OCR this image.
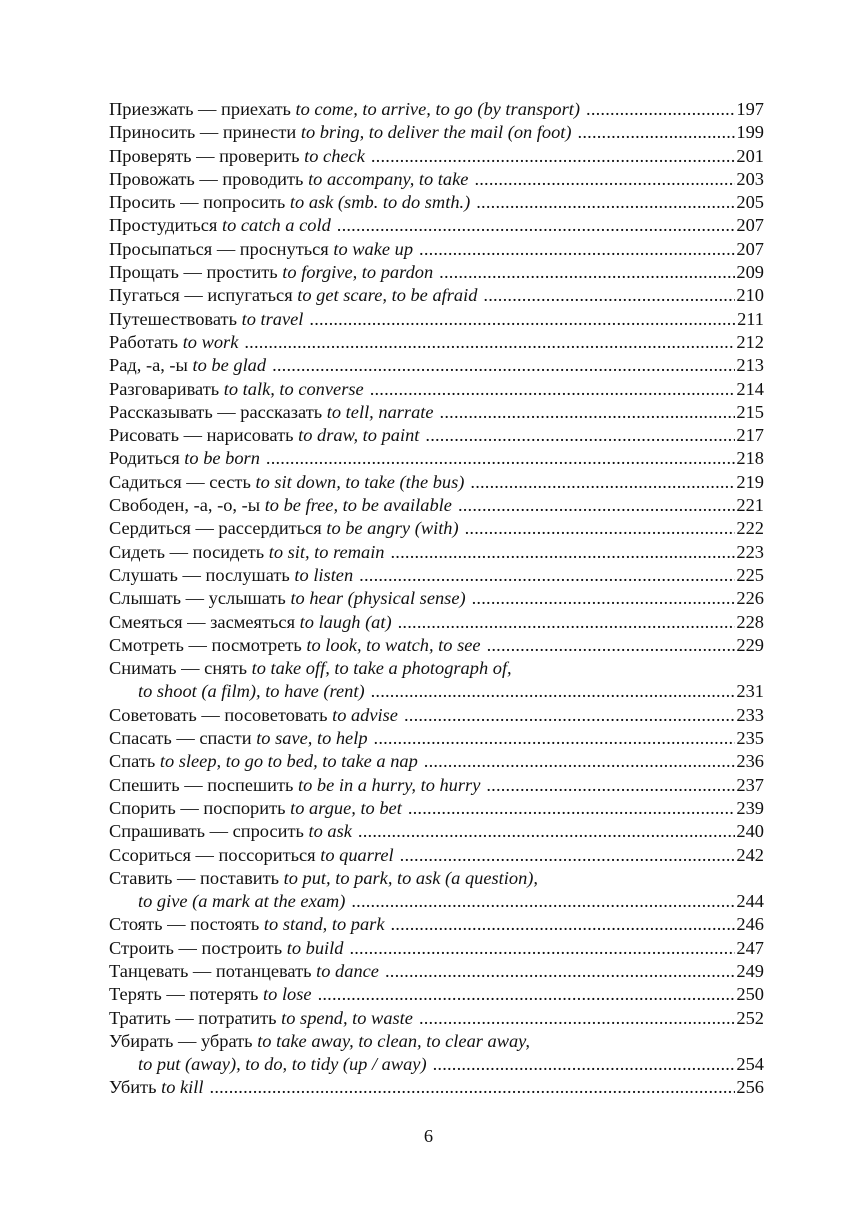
Приезжать — приехать to come, to arrive, to go (by transport) .....	197
Приносить — принести to bring, to deliver the mail (on foot) .....	199
Проверять — проверить to check .....	201
Провожать — проводить to accompany, to take .....	203
Просить — попросить to ask (smb. to do smth.) .....	205
Простудиться to catch a cold .....	207
Просыпаться — проснуться to wake up .....	207
Прощать — простить to forgive, to pardon .....	209
Пугаться — испугаться to get scare, to be afraid .....	210
Путешествовать to travel .....	211
Работать to work .....	212
Рад, -а, -ы to be glad .....	213
Разговаривать to talk, to converse .....	214
Рассказывать — рассказать to tell, narrate .....	215
Рисовать — нарисовать to draw, to paint .....	217
Родиться to be born .....	218
Садиться — сесть to sit down, to take (the bus) .....	219
Свободен, -а, -о, -ы to be free, to be available .....	221
Сердиться — рассердиться to be angry (with) .....	222
Сидеть — посидеть to sit, to remain .....	223
Слушать — послушать to listen .....	225
Слышать — услышать to hear (physical sense) .....	226
Смеяться — засмеяться to laugh (at) .....	228
Смотреть — посмотреть to look, to watch, to see .....	229
Снимать — снять to take off, to take a photograph of,
to shoot (a film), to have (rent) .....	231
Советовать — посоветовать to advise .....	233
Спасать — спасти to save, to help .....	235
Спать to sleep, to go to bed, to take a nap .....	236
Спешить — поспешить to be in a hurry, to hurry .....	237
Спорить — поспорить to argue, to bet .....	239
Спрашивать — спросить to ask .....	240
Ссориться — поссориться to quarrel .....	242
Ставить — поставить to put, to park, to ask (a question),
to give (a mark at the exam) .....	244
Стоять — постоять to stand, to park .....	246
Строить — построить to build .....	247
Танцевать — потанцевать to dance .....	249
Терять — потерять to lose .....	250
Тратить — потратить to spend, to waste .....	252
Убирать — убрать to take away, to clean, to clear away,
to put (away), to do, to tidy (up / away) .....	254
Убить to kill .....	256
6
